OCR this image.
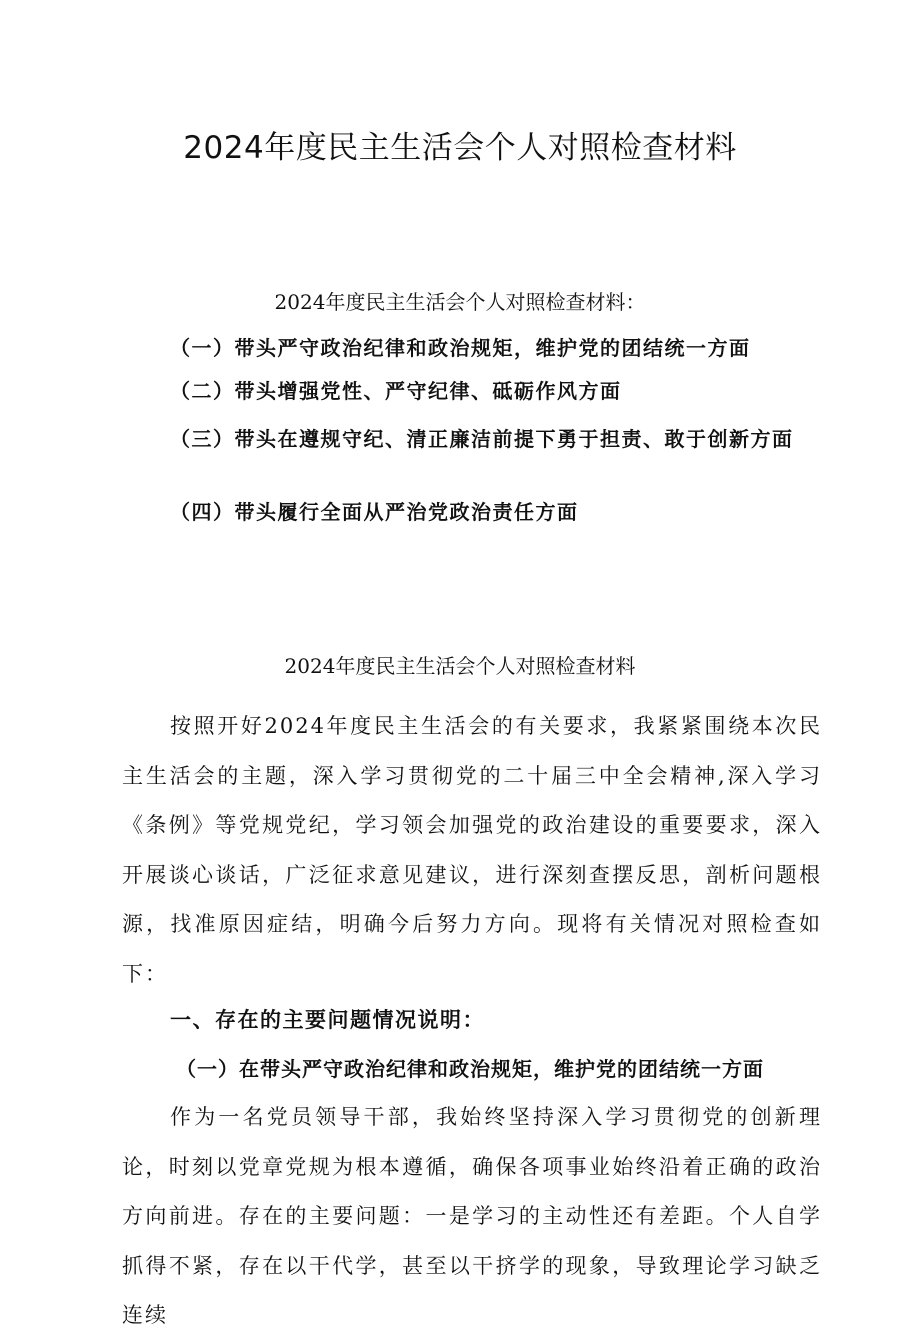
2024年度民主生活会个人对照检查材料
2024年度民主生活会个人对照检查材料：
（一）带头严守政治纪律和政治规矩，维护党的团结统一方面
（二）带头增强党性、严守纪律、砥砺作风方面
（三）带头在遵规守纪、清正廉洁前提下勇于担责、敢于创新方面
（四）带头履行全面从严治党政治责任方面
2024年度民主生活会个人对照检查材料
按照开好2024年度民主生活会的有关要求，我紧紧围绕本次民主生活会的主题，深入学习贯彻党的二十届三中全会精神,深入学习《条例》等党规党纪，学习领会加强党的政治建设的重要要求，深入开展谈心谈话，广泛征求意见建议，进行深刻查摆反思，剖析问题根源，找准原因症结，明确今后努力方向。现将有关情况对照检查如下：
一、存在的主要问题情况说明：
（一）在带头严守政治纪律和政治规矩，维护党的团结统一方面
作为一名党员领导干部，我始终坚持深入学习贯彻党的创新理论，时刻以党章党规为根本遵循，确保各项事业始终沿着正确的政治方向前进。存在的主要问题：一是学习的主动性还有差距。个人自学抓得不紧，存在以干代学，甚至以干挤学的现象，导致理论学习缺乏连续
